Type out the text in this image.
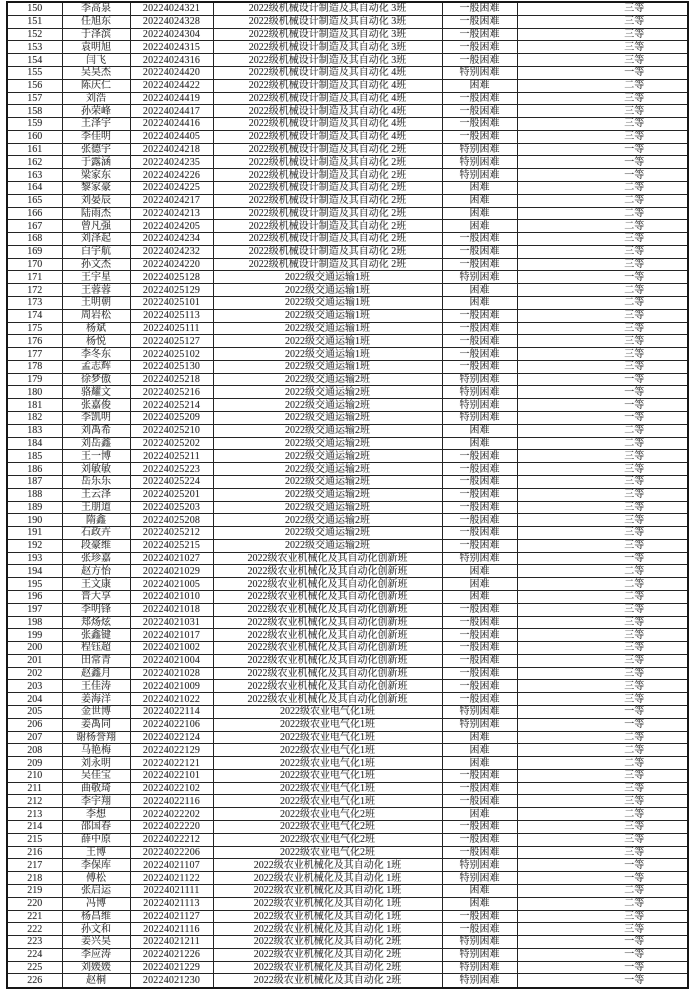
150	李高泉	20224024321	2022级机械设计制造及其自动化 3班	一般困难	三等
151	任旭东	20224024328	2022级机械设计制造及其自动化 3班	一般困难	三等
152	于泽滨	20224024304	2022级机械设计制造及其自动化 3班	一般困难	三等
153	袁明旭	20224024315	2022级机械设计制造及其自动化 3班	一般困难	三等
154	闫飞	20224024316	2022级机械设计制造及其自动化 3班	一般困难	三等
155	吴昊杰	20224024420	2022级机械设计制造及其自动化 4班	特别困难	一等
156	陈庆仁	20224024422	2022级机械设计制造及其自动化 4班	困难	二等
157	刘浩	20224024419	2022级机械设计制造及其自动化 4班	一般困难	三等
158	孙荣峰	20224024417	2022级机械设计制造及其自动化 4班	一般困难	三等
159	王泽宇	20224024416	2022级机械设计制造及其自动化 4班	一般困难	三等
160	李佳明	20224024405	2022级机械设计制造及其自动化 4班	一般困难	三等
161	张德宇	20224024218	2022级机械设计制造及其自动化 2班	特别困难	一等
162	于露涵	20224024235	2022级机械设计制造及其自动化 2班	特别困难	一等
163	梁家东	20224024226	2022级机械设计制造及其自动化 2班	特别困难	一等
164	黎家豪	20224024225	2022级机械设计制造及其自动化 2班	困难	二等
165	刘晏辰	20224024217	2022级机械设计制造及其自动化 2班	困难	二等
166	陆雨杰	20224024213	2022级机械设计制造及其自动化 2班	困难	二等
167	曾凡强	20224024205	2022级机械设计制造及其自动化 2班	困难	二等
168	刘泽起	20224024234	2022级机械设计制造及其自动化 2班	一般困难	三等
169	白宇航	20224024232	2022级机械设计制造及其自动化 2班	一般困难	三等
170	孙文杰	20224024220	2022级机械设计制造及其自动化 2班	一般困难	三等
171	王宇星	20224025128	2022级交通运输1班	特别困难	一等
172	王蓉蓉	20224025129	2022级交通运输1班	困难	二等
173	王明朝	20224025101	2022级交通运输1班	困难	二等
174	周岩松	20224025113	2022级交通运输1班	一般困难	三等
175	杨斌	20224025111	2022级交通运输1班	一般困难	三等
176	杨悦	20224025127	2022级交通运输1班	一般困难	三等
177	李冬东	20224025102	2022级交通运输1班	一般困难	三等
178	孟志辉	20224025130	2022级交通运输1班	一般困难	三等
179	徐梦傲	20224025218	2022级交通运输2班	特别困难	一等
180	骆耀文	20224025216	2022级交通运输2班	特别困难	一等
181	张嘉俊	20224025214	2022级交通运输2班	特别困难	一等
182	李凯明	20224025209	2022级交通运输2班	特别困难	一等
183	刘禹希	20224025210	2022级交通运输2班	困难	二等
184	刘岳鑫	20224025202	2022级交通运输2班	困难	二等
185	王一博	20224025211	2022级交通运输2班	一般困难	三等
186	刘敏敏	20224025223	2022级交通运输2班	一般困难	三等
187	岳乐乐	20224025224	2022级交通运输2班	一般困难	三等
188	王云泽	20224025201	2022级交通运输2班	一般困难	三等
189	王朋道	20224025203	2022级交通运输2班	一般困难	三等
190	隋鑫	20224025208	2022级交通运输2班	一般困难	三等
191	石政卉	20224025212	2022级交通运输2班	一般困难	三等
192	段豪维	20224025215	2022级交通运输2班	一般困难	三等
193	张珍嘉	20224021027	2022级农业机械化及其自动化创新班	特别困难	一等
194	赵方怡	20224021029	2022级农业机械化及其自动化创新班	困难	二等
195	王文康	20224021005	2022级农业机械化及其自动化创新班	困难	二等
196	晋大享	20224021010	2022级农业机械化及其自动化创新班	困难	二等
197	李明锋	20224021018	2022级农业机械化及其自动化创新班	一般困难	三等
198	郑炀炫	20224021031	2022级农业机械化及其自动化创新班	一般困难	三等
199	张鑫键	20224021017	2022级农业机械化及其自动化创新班	一般困难	三等
200	程钰超	20224021002	2022级农业机械化及其自动化创新班	一般困难	三等
201	田常青	20224021004	2022级农业机械化及其自动化创新班	一般困难	三等
202	赵鑫月	20224021028	2022级农业机械化及其自动化创新班	一般困难	三等
203	王佳涛	20224021009	2022级农业机械化及其自动化创新班	一般困难	三等
204	姜海洋	20224021022	2022级农业机械化及其自动化创新班	一般困难	三等
205	金世博	20224022114	2022级农业电气化1班	特别困难	一等
206	姜禹同	20224022106	2022级农业电气化1班	特别困难	一等
207	谢杨誉翔	20224022124	2022级农业电气化1班	困难	二等
208	马艳梅	20224022129	2022级农业电气化1班	困难	二等
209	刘永明	20224022121	2022级农业电气化1班	困难	二等
210	吴佳宝	20224022101	2022级农业电气化1班	一般困难	三等
211	曲敬琦	20224022102	2022级农业电气化1班	一般困难	三等
212	李宇翔	20224022116	2022级农业电气化1班	一般困难	三等
213	李想	20224022202	2022级农业电气化2班	困难	二等
214	邵国春	20224022220	2022级农业电气化2班	一般困难	三等
215	薛中原	20224022212	2022级农业电气化2班	一般困难	三等
216	王博	20224022206	2022级农业电气化2班	一般困难	三等
217	李保库	20224021107	2022级农业机械化及其自动化 1班	特别困难	一等
218	傅松	20224021122	2022级农业机械化及其自动化 1班	特别困难	一等
219	张启运	20224021111	2022级农业机械化及其自动化 1班	困难	二等
220	冯博	20224021113	2022级农业机械化及其自动化 1班	困难	二等
221	杨昌维	20224021127	2022级农业机械化及其自动化 1班	一般困难	三等
222	孙文和	20224021116	2022级农业机械化及其自动化 1班	一般困难	三等
223	姜兴昊	20224021211	2022级农业机械化及其自动化 2班	特别困难	一等
224	李应涛	20224021226	2022级农业机械化及其自动化 2班	特别困难	一等
225	刘媛媛	20224021229	2022级农业机械化及其自动化 2班	特别困难	一等
226	赵桐	20224021230	2022级农业机械化及其自动化 2班	特别困难	一等
